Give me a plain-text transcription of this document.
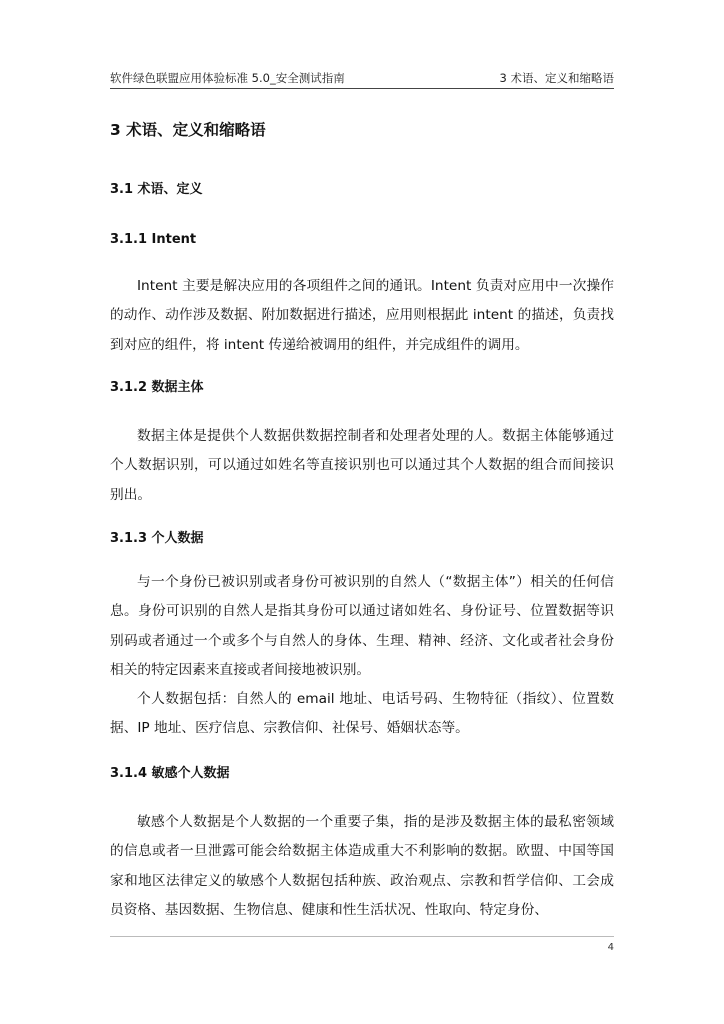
软件绿色联盟应用体验标准 5.0_安全测试指南	3 术语、定义和缩略语
3 术语、定义和缩略语
3.1 术语、定义
3.1.1 Intent

Intent 主要是解决应用的各项组件之间的通讯。Intent 负责对应用中一次操作的动作、动作涉及数据、附加数据进行描述，应用则根据此 intent 的描述，负责找到对应的组件，将 intent 传递给被调用的组件，并完成组件的调用。

3.1.2 数据主体

数据主体是提供个人数据供数据控制者和处理者处理的人。数据主体能够通过个人数据识别，可以通过如姓名等直接识别也可以通过其个人数据的组合而间接识别出。

3.1.3 个人数据

与一个身份已被识别或者身份可被识别的自然人（“数据主体”）相关的任何信息。身份可识别的自然人是指其身份可以通过诸如姓名、身份证号、位置数据等识别码或者通过一个或多个与自然人的身体、生理、精神、经济、文化或者社会身份相关的特定因素来直接或者间接地被识别。

个人数据包括：自然人的 email 地址、电话号码、生物特征（指纹）、位置数据、IP 地址、医疗信息、宗教信仰、社保号、婚姻状态等。

3.1.4 敏感个人数据

敏感个人数据是个人数据的一个重要子集，指的是涉及数据主体的最私密领域的信息或者一旦泄露可能会给数据主体造成重大不利影响的数据。欧盟、中国等国家和地区法律定义的敏感个人数据包括种族、政治观点、宗教和哲学信仰、工会成员资格、基因数据、生物信息、健康和性生活状况、性取向、特定身份、

4
